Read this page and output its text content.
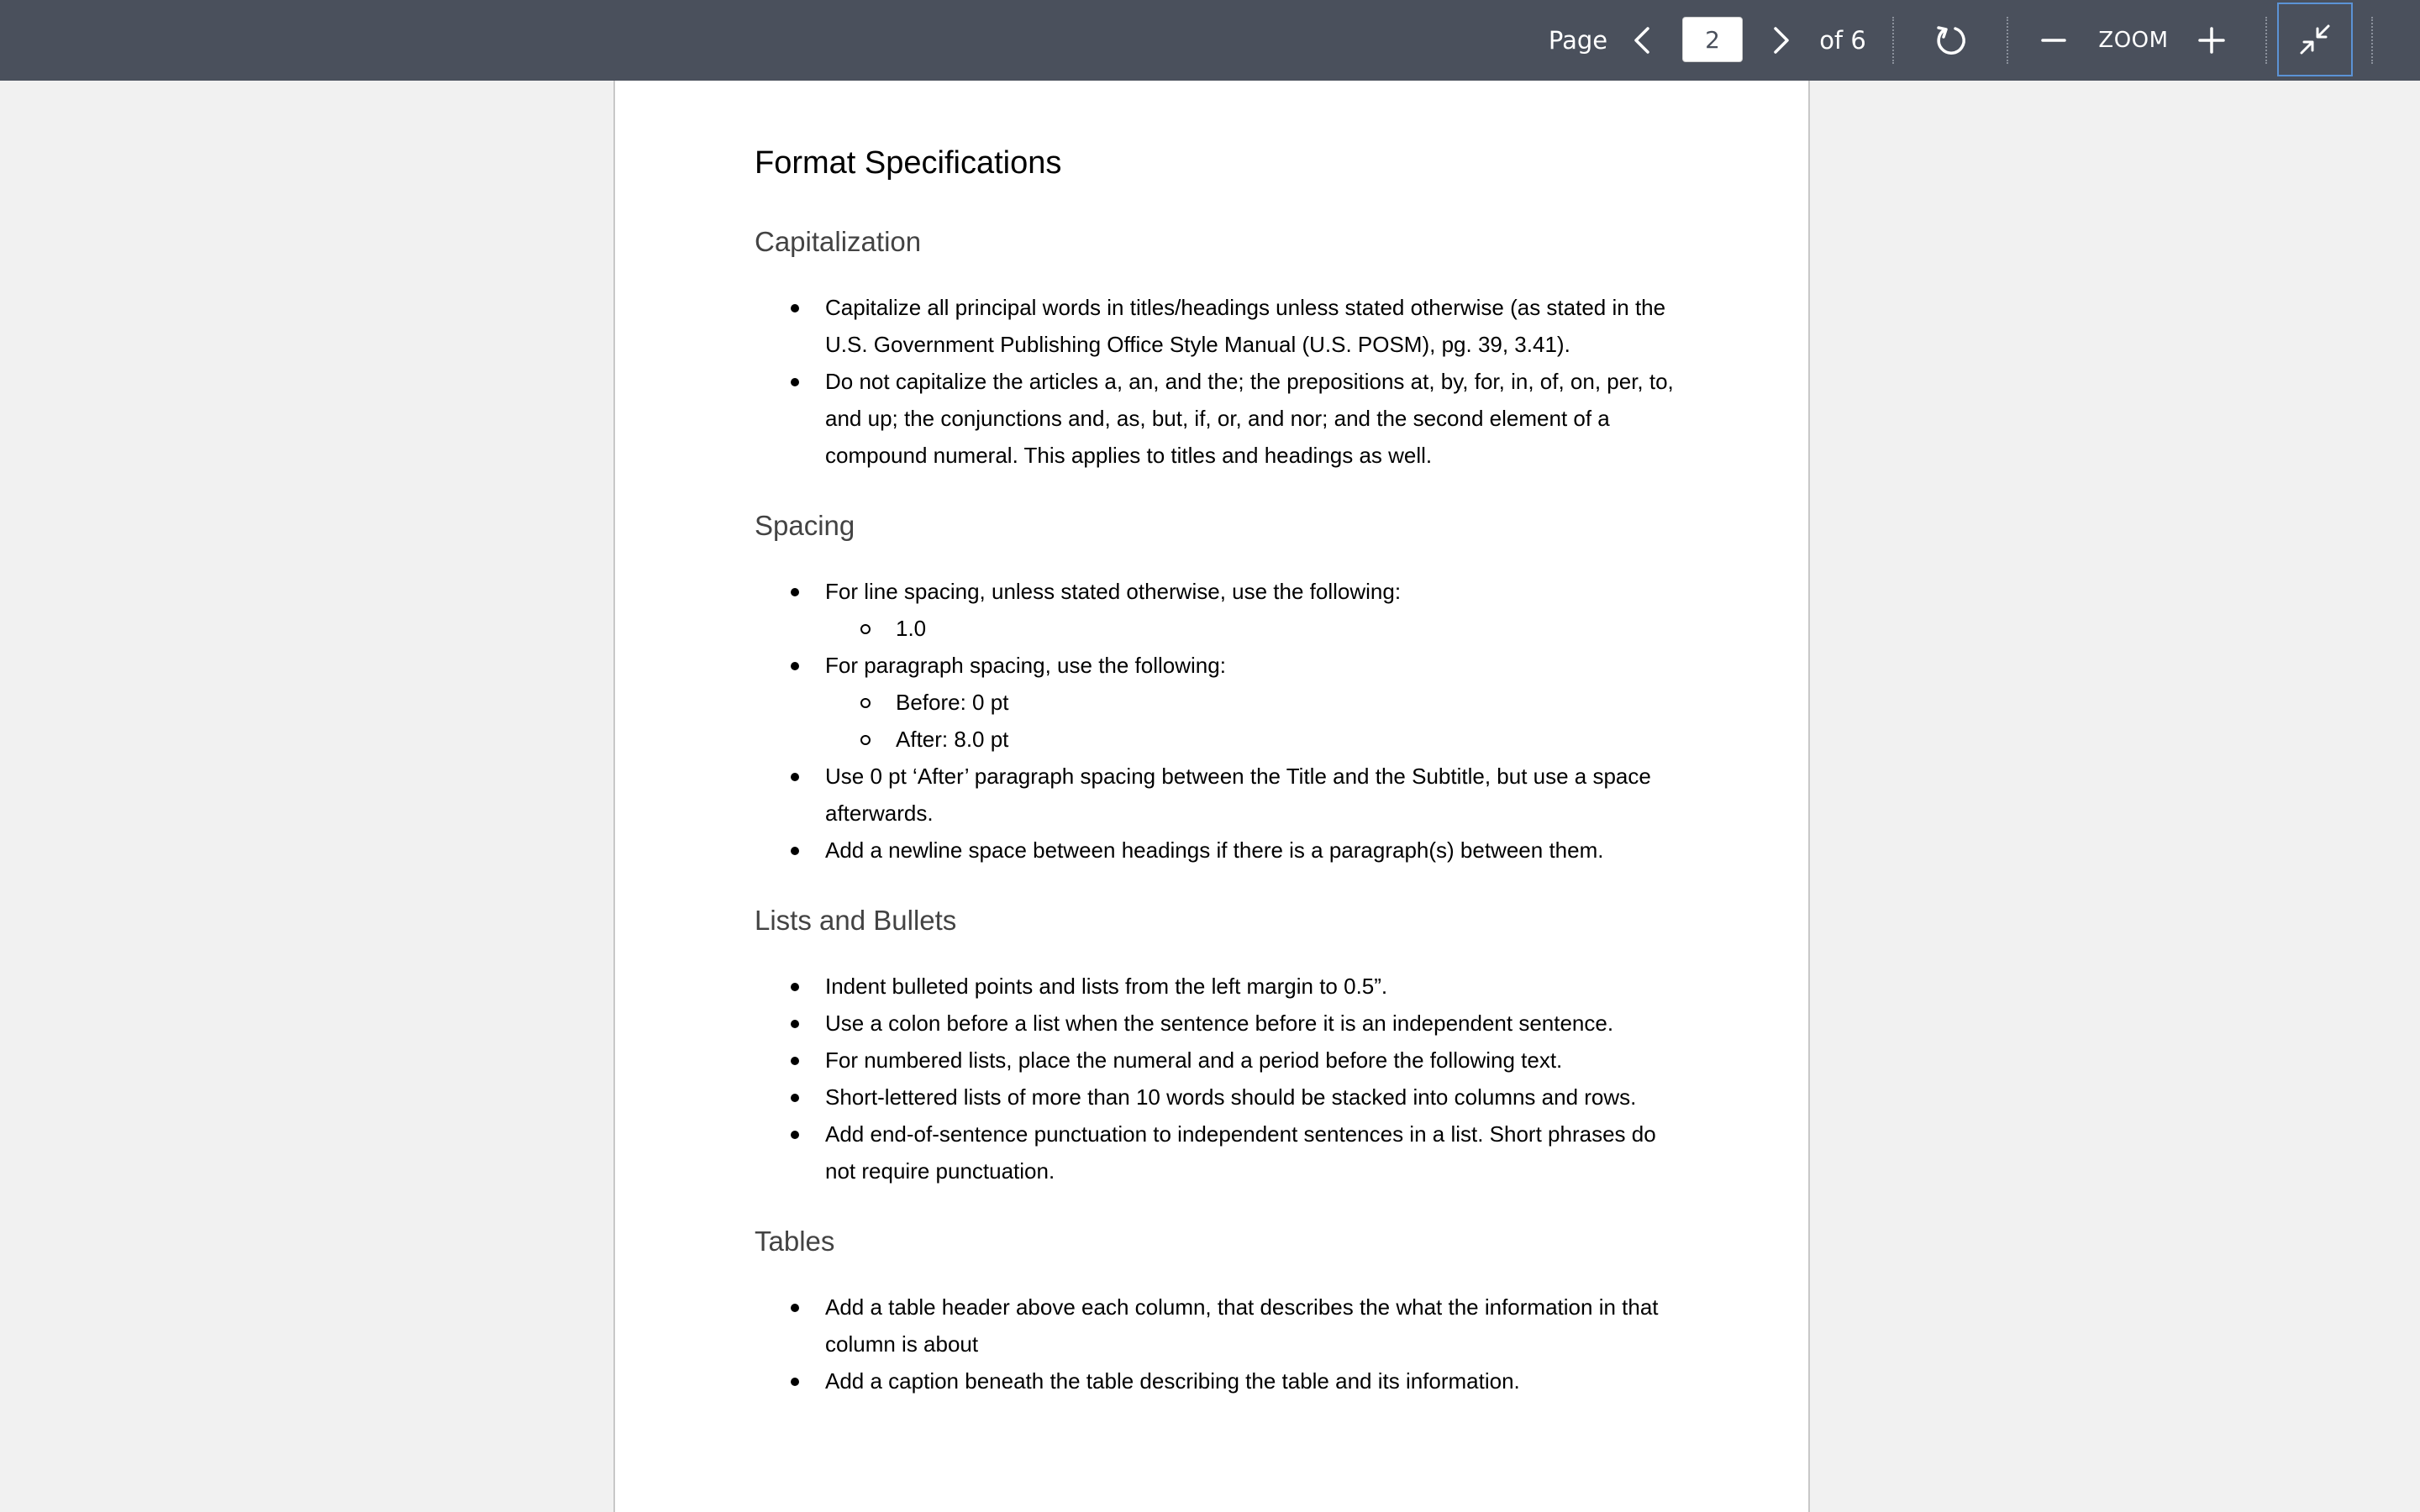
Page
2	of 6	ZOOM
Format Specifications
Capitalization
Capitalize all principal words in titles/headings unless stated otherwise (as stated in the U.S. Government Publishing Office Style Manual (U.S. POSM), pg. 39, 3.41).
Do not capitalize the articles a, an, and the; the prepositions at, by, for, in, of, on, per, to, and up; the conjunctions and, as, but, if, or, and nor; and the second element of a compound numeral. This applies to titles and headings as well.
Spacing
For line spacing, unless stated otherwise, use the following:
1.0
For paragraph spacing, use the following:
Before: 0 pt
After: 8.0 pt
Use 0 pt ‘After’ paragraph spacing between the Title and the Subtitle, but use a space afterwards.
Add a newline space between headings if there is a paragraph(s) between them.
Lists and Bullets
Indent bulleted points and lists from the left margin to 0.5”.
Use a colon before a list when the sentence before it is an independent sentence.
For numbered lists, place the numeral and a period before the following text.
Short-lettered lists of more than 10 words should be stacked into columns and rows.
Add end-of-sentence punctuation to independent sentences in a list. Short phrases do not require punctuation.
Tables
Add a table header above each column, that describes the what the information in that column is about
Add a caption beneath the table describing the table and its information.
